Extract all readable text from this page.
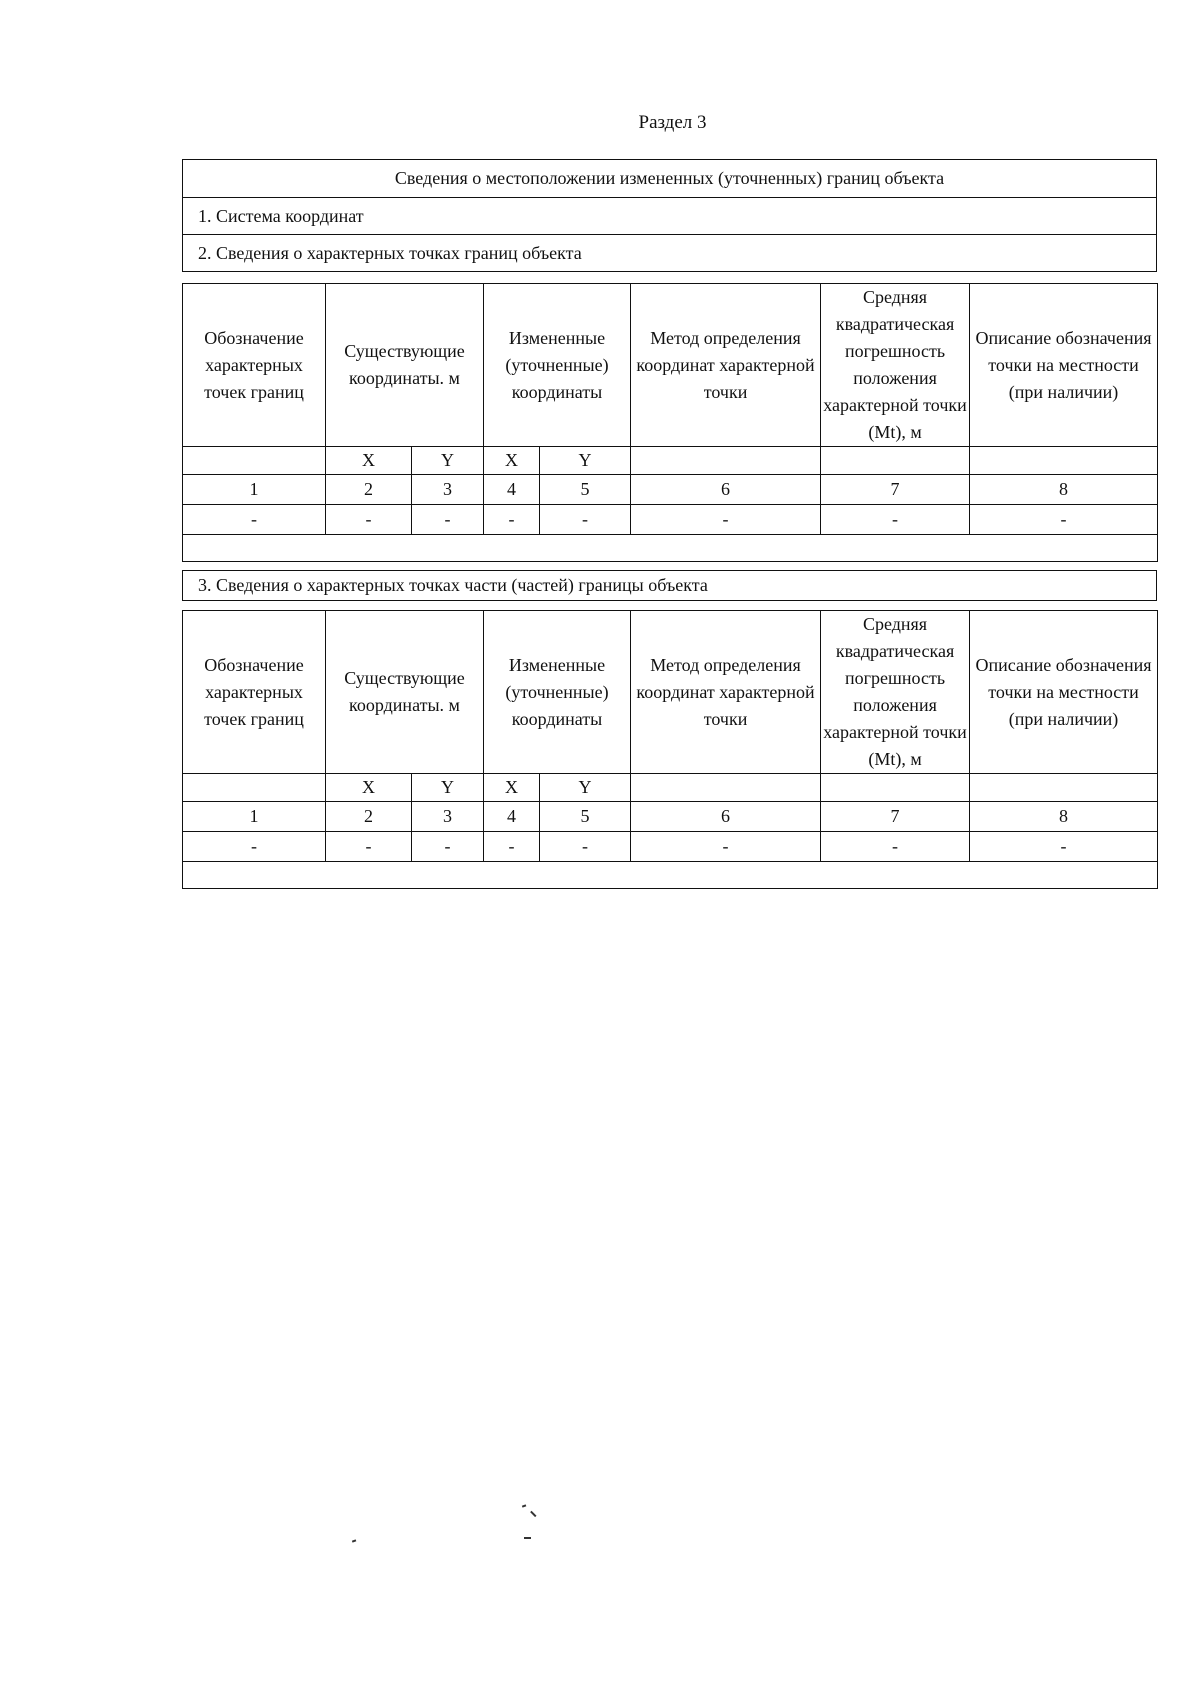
Раздел 3
Сведения о местоположении измененных (уточненных) границ объекта
1. Система координат
2. Сведения о характерных точках границ объекта
Обозначение характерных точек границ	Существующие координаты. м		Измененные (уточненные) координаты		Метод определения координат характерной точки	Средняя квадратическая погрешность положения характерной точки (Mt), м	Описание обозначения точки на местности (при наличии)
	X	Y	X	Y			
1	2	3	4	5	6	7	8
-	-	-	-	-	-	-	-

3. Сведения о характерных точках части (частей) границы объекта
Обозначение характерных точек границ	Существующие координаты. м		Измененные (уточненные) координаты		Метод определения координат характерной точки	Средняя квадратическая погрешность положения характерной точки (Mt), м	Описание обозначения точки на местности (при наличии)
	X	Y	X	Y			
1	2	3	4	5	6	7	8
-	-	-	-	-	-	-	-
